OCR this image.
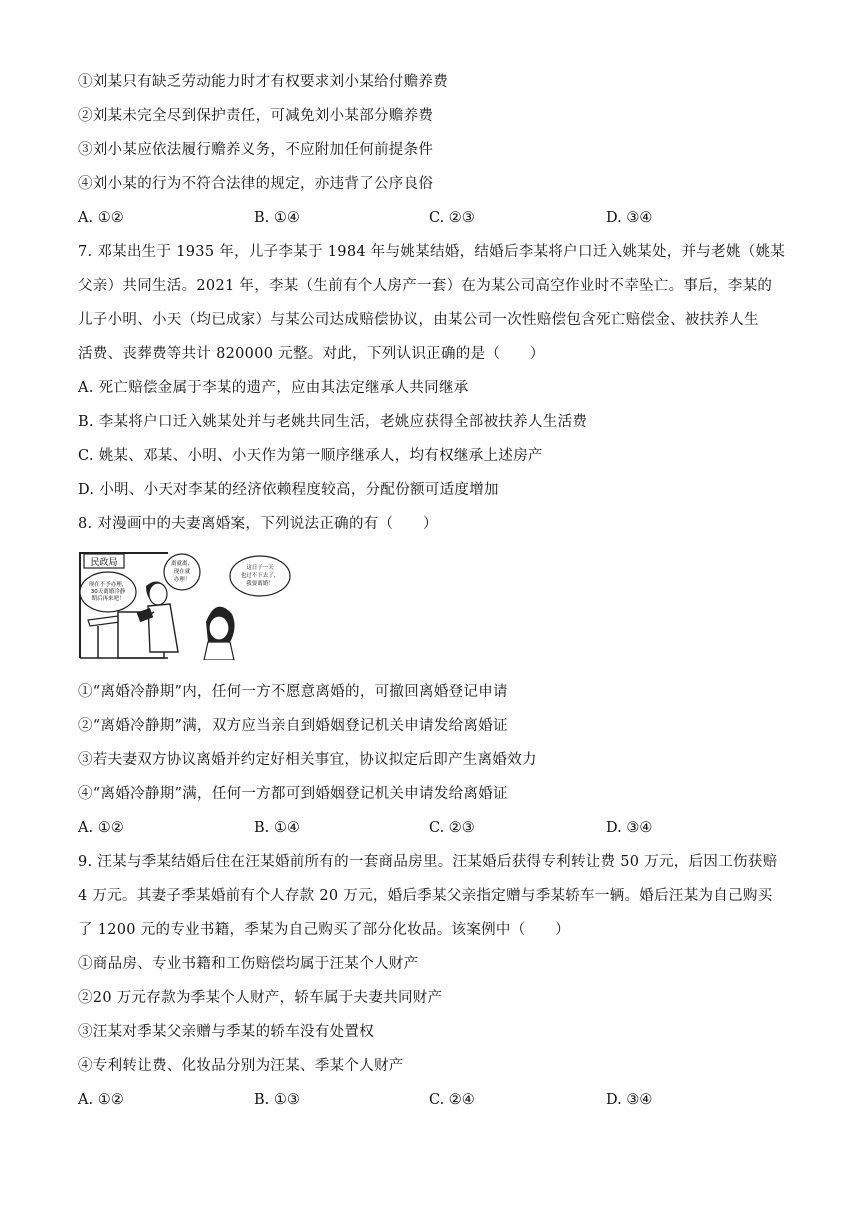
①刘某只有缺乏劳动能力时才有权要求刘小某给付赡养费
②刘某未完全尽到保护责任，可减免刘小某部分赡养费
③刘小某应依法履行赡养义务，不应附加任何前提条件
④刘小某的行为不符合法律的规定，亦违背了公序良俗
A. ①②	B. ①④	C. ②③	D. ③④
7. 邓某出生于 1935 年，儿子李某于 1984 年与姚某结婚，结婚后李某将户口迁入姚某处，并与老姚（姚某
父亲）共同生活。2021 年，李某（生前有个人房产一套）在为某公司高空作业时不幸坠亡。事后，李某的
儿子小明、小天（均已成家）与某公司达成赔偿协议，由某公司一次性赔偿包含死亡赔偿金、被扶养人生
活费、丧葬费等共计 820000 元整。对此，下列认识正确的是（　　）
A. 死亡赔偿金属于李某的遗产，应由其法定继承人共同继承
B. 李某将户口迁入姚某处并与老姚共同生活，老姚应获得全部被扶养人生活费
C. 姚某、邓某、小明、小天作为第一顺序继承人，均有权继承上述房产
D. 小明、小天对李某的经济依赖程度较高，分配份额可适度增加
8. 对漫画中的夫妻离婚案，下列说法正确的有（　　）
民政局
现在不予办理，
30天离婚冷静
期后再来吧！
离就离，
现在就
办理！
这日子一天
也过不下去了，
我要离婚！
①“离婚冷静期”内，任何一方不愿意离婚的，可撤回离婚登记申请
②“离婚冷静期”满，双方应当亲自到婚姻登记机关申请发给离婚证
③若夫妻双方协议离婚并约定好相关事宜，协议拟定后即产生离婚效力
④“离婚冷静期”满，任何一方都可到婚姻登记机关申请发给离婚证
A. ①②	B. ①④	C. ②③	D. ③④
9. 汪某与季某结婚后住在汪某婚前所有的一套商品房里。汪某婚后获得专利转让费 50 万元，后因工伤获赔
4 万元。其妻子季某婚前有个人存款 20 万元，婚后季某父亲指定赠与季某轿车一辆。婚后汪某为自己购买
了 1200 元的专业书籍，季某为自己购买了部分化妆品。该案例中（　　）
①商品房、专业书籍和工伤赔偿均属于汪某个人财产
②20 万元存款为季某个人财产，轿车属于夫妻共同财产
③汪某对季某父亲赠与季某的轿车没有处置权
④专利转让费、化妆品分别为汪某、季某个人财产
A. ①②	B. ①③	C. ②④	D. ③④
